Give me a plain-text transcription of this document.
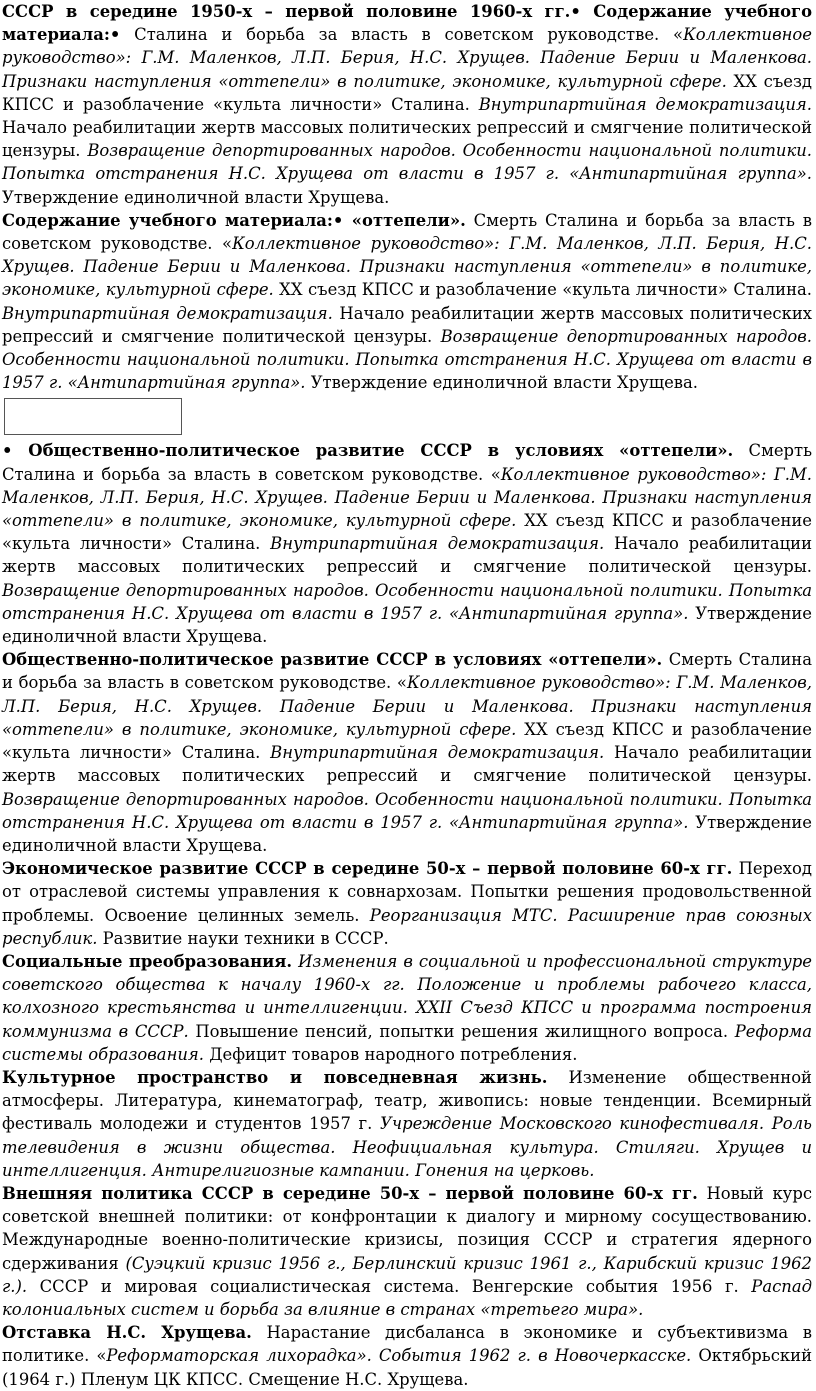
СССР в середине 1950-х – первой половине 1960-х гг.• Содержание учебного материала:• Сталина и борьба за власть в советском руководстве. «Коллективное руководство»: Г.М. Маленков, Л.П. Берия, Н.С. Хрущев. Падение Берии и Маленкова. Признаки наступления «оттепели» в политике, экономике, культурной сфере. XX съезд КПСС и разоблачение «культа личности» Сталина. Внутрипартийная демократизация. Начало реабилитации жертв массовых политических репрессий и смягчение политической цензуры. Возвращение депортированных народов. Особенности национальной политики. Попытка отстранения Н.С. Хрущева от власти в 1957 г. «Антипартийная группа». Утверждение единоличной власти Хрущева.

Содержание учебного материала:• «оттепели». Смерть Сталина и борьба за власть в советском руководстве. «Коллективное руководство»: Г.М. Маленков, Л.П. Берия, Н.С. Хрущев. Падение Берии и Маленкова. Признаки наступления «оттепели» в политике, экономике, культурной сфере. XX съезд КПСС и разоблачение «культа личности» Сталина. Внутрипартийная демократизация. Начало реабилитации жертв массовых политических репрессий и смягчение политической цензуры. Возвращение депортированных народов. Особенности национальной политики. Попытка отстранения Н.С. Хрущева от власти в 1957 г. «Антипартийная группа». Утверждение единоличной власти Хрущева.

• Общественно-политическое развитие СССР в условиях «оттепели». Смерть Сталина и борьба за власть в советском руководстве. «Коллективное руководство»: Г.М. Маленков, Л.П. Берия, Н.С. Хрущев. Падение Берии и Маленкова. Признаки наступления «оттепели» в политике, экономике, культурной сфере. XX съезд КПСС и разоблачение «культа личности» Сталина. Внутрипартийная демократизация. Начало реабилитации жертв массовых политических репрессий и смягчение политической цензуры. Возвращение депортированных народов. Особенности национальной политики. Попытка отстранения Н.С. Хрущева от власти в 1957 г. «Антипартийная группа». Утверждение единоличной власти Хрущева.

Общественно-политическое развитие СССР в условиях «оттепели». Смерть Сталина и борьба за власть в советском руководстве. «Коллективное руководство»: Г.М. Маленков, Л.П. Берия, Н.С. Хрущев. Падение Берии и Маленкова. Признаки наступления «оттепели» в политике, экономике, культурной сфере. XX съезд КПСС и разоблачение «культа личности» Сталина. Внутрипартийная демократизация. Начало реабилитации жертв массовых политических репрессий и смягчение политической цензуры. Возвращение депортированных народов. Особенности национальной политики. Попытка отстранения Н.С. Хрущева от власти в 1957 г. «Антипартийная группа». Утверждение единоличной власти Хрущева.

Экономическое развитие СССР в середине 50-х – первой половине 60-х гг. Переход от отраслевой системы управления к совнархозам. Попытки решения продовольственной проблемы. Освоение целинных земель. Реорганизация МТС. Расширение прав союзных республик. Развитие науки техники в СССР.

Социальные преобразования. Изменения в социальной и профессиональной структуре советского общества к началу 1960-х гг. Положение и проблемы рабочего класса, колхозного крестьянства и интеллигенции. XXII Съезд КПСС и программа построения коммунизма в СССР. Повышение пенсий, попытки решения жилищного вопроса. Реформа системы образования. Дефицит товаров народного потребления.

Культурное пространство и повседневная жизнь. Изменение общественной атмосферы. Литература, кинематограф, театр, живопись: новые тенденции. Всемирный фестиваль молодежи и студентов 1957 г. Учреждение Московского кинофестиваля. Роль телевидения в жизни общества. Неофициальная культура. Стиляги. Хрущев и интеллигенция. Антирелигиозные кампании. Гонения на церковь.

Внешняя политика СССР в середине 50-х – первой половине 60-х гг. Новый курс советской внешней политики: от конфронтации к диалогу и мирному сосуществованию. Международные военно-политические кризисы, позиция СССР и стратегия ядерного сдерживания (Суэцкий кризис 1956 г., Берлинский кризис 1961 г., Карибский кризис 1962 г.). СССР и мировая социалистическая система. Венгерские события 1956 г. Распад колониальных систем и борьба за влияние в странах «третьего мира».

Отставка Н.С. Хрущева. Нарастание дисбаланса в экономике и субъективизма в политике. «Реформаторская лихорадка». События 1962 г. в Новочеркасске. Октябрьский (1964 г.) Пленум ЦК КПСС. Смещение Н.С. Хрущева.
